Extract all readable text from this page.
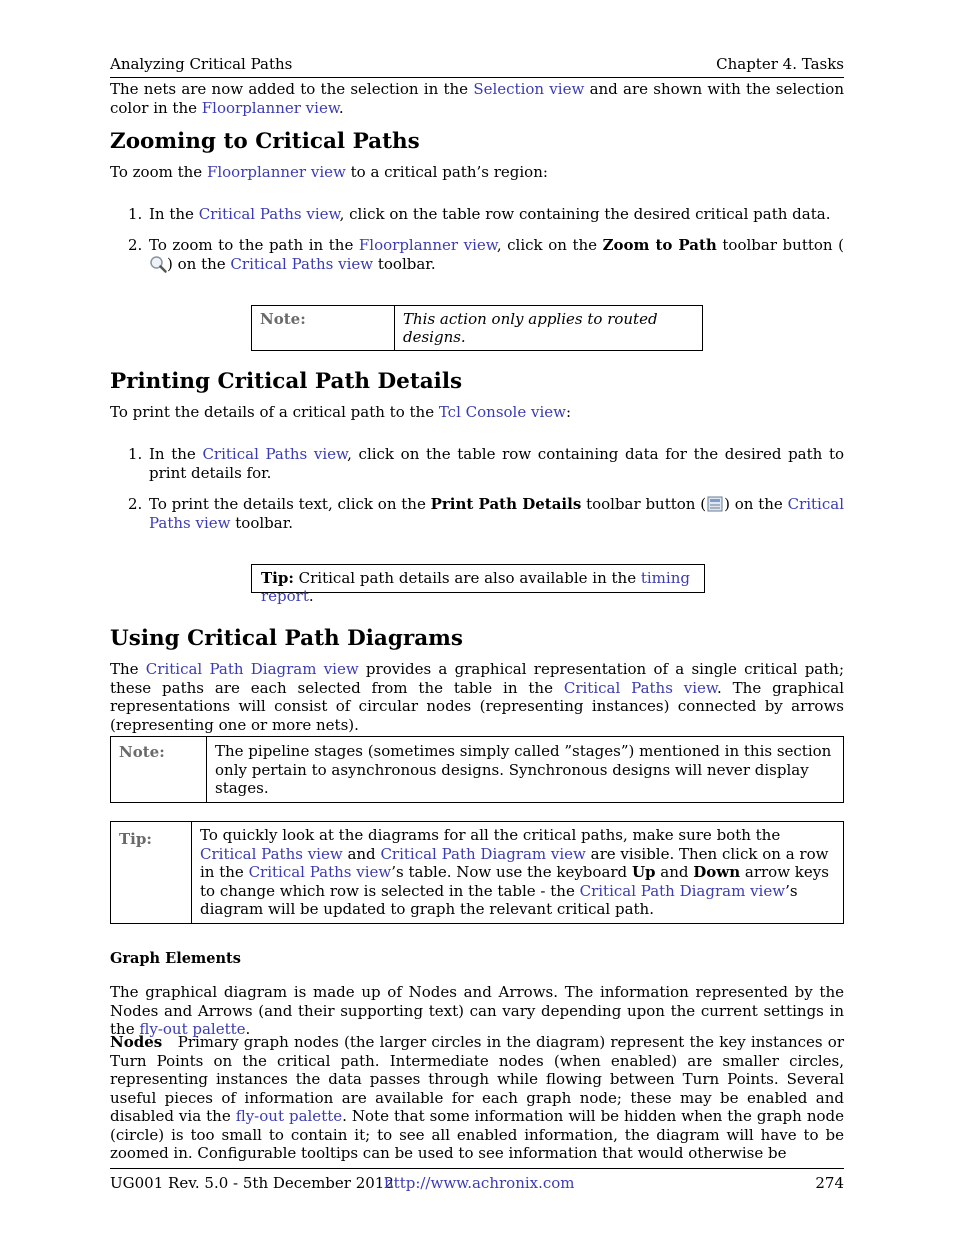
Analyzing Critical Paths	Chapter 4. Tasks

The nets are now added to the selection in the Selection view and are shown with the selection color in the Floorplanner view.

Zooming to Critical Paths

To zoom the Floorplanner view to a critical path’s region:

1. In the Critical Paths view, click on the table row containing the desired critical path data.
2. To zoom to the path in the Floorplanner view, click on the Zoom to Path toolbar button () on the Critical Paths view toolbar.
Note:	This action only applies to routed designs.
Printing Critical Path Details

To print the details of a critical path to the Tcl Console view:

1. In the Critical Paths view, click on the table row containing data for the desired path to print details for.
2. To print the details text, click on the Print Path Details toolbar button ( ) on the Critical Paths view toolbar.
Tip: Critical path details are also available in the timing report.
Using Critical Path Diagrams

The Critical Path Diagram view provides a graphical representation of a single critical path; these paths are each selected from the table in the Critical Paths view. The graphical representations will consist of circular nodes (representing instances) connected by arrows (representing one or more nets).

Note:	The pipeline stages (sometimes simply called ”stages”) mentioned in this section only pertain to asynchronous designs. Synchronous designs will never display stages.
Tip:	To quickly look at the diagrams for all the critical paths, make sure both the Critical Paths view and Critical Path Diagram view are visible. Then click on a row in the Critical Paths view’s table. Now use the keyboard Up and Down arrow keys to change which row is selected in the table - the Critical Path Diagram view’s diagram will be updated to graph the relevant critical path.
Graph Elements

The graphical diagram is made up of Nodes and Arrows. The information represented by the Nodes and Arrows (and their supporting text) can vary depending upon the current settings in the fly-out palette.

Nodes   Primary graph nodes (the larger circles in the diagram) represent the key instances or Turn Points on the critical path. Intermediate nodes (when enabled) are smaller circles, representing instances the data passes through while flowing between Turn Points. Several useful pieces of information are available for each graph node; these may be enabled and disabled via the fly-out palette. Note that some information will be hidden when the graph node (circle) is too small to contain it; to see all enabled information, the diagram will have to be zoomed in. Configurable tooltips can be used to see information that would otherwise be

UG001 Rev. 5.0 - 5th December 2012
http://www.achronix.com	274
